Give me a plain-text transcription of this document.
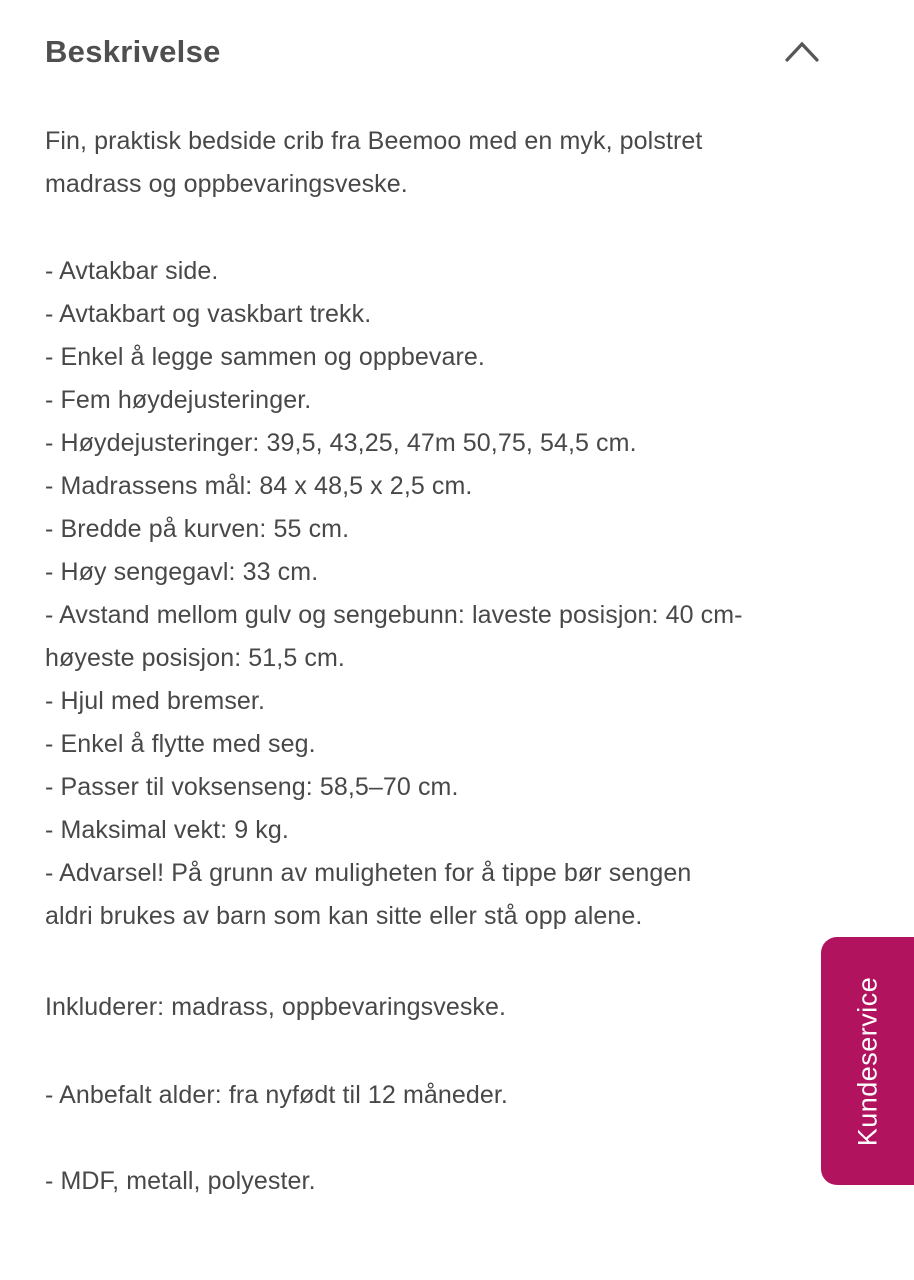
Beskrivelse
Fin, praktisk bedside crib fra Beemoo med en myk, polstret
madrass og oppbevaringsveske.
- Avtakbar side.
- Avtakbart og vaskbart trekk.
- Enkel å legge sammen og oppbevare.
- Fem høydejusteringer.
- Høydejusteringer: 39,5, 43,25, 47m 50,75, 54,5 cm.
- Madrassens mål: 84 x 48,5 x 2,5 cm.
- Bredde på kurven: 55 cm.
- Høy sengegavl: 33 cm.
- Avstand mellom gulv og sengebunn: laveste posisjon: 40 cm-
høyeste posisjon: 51,5 cm.
- Hjul med bremser.
- Enkel å flytte med seg.
- Passer til voksenseng: 58,5–70 cm.
- Maksimal vekt: 9 kg.
- Advarsel! På grunn av muligheten for å tippe bør sengen
aldri brukes av barn som kan sitte eller stå opp alene.
Inkluderer: madrass, oppbevaringsveske.
- Anbefalt alder: fra nyfødt til 12 måneder.
- MDF, metall, polyester.
Kundeservice
